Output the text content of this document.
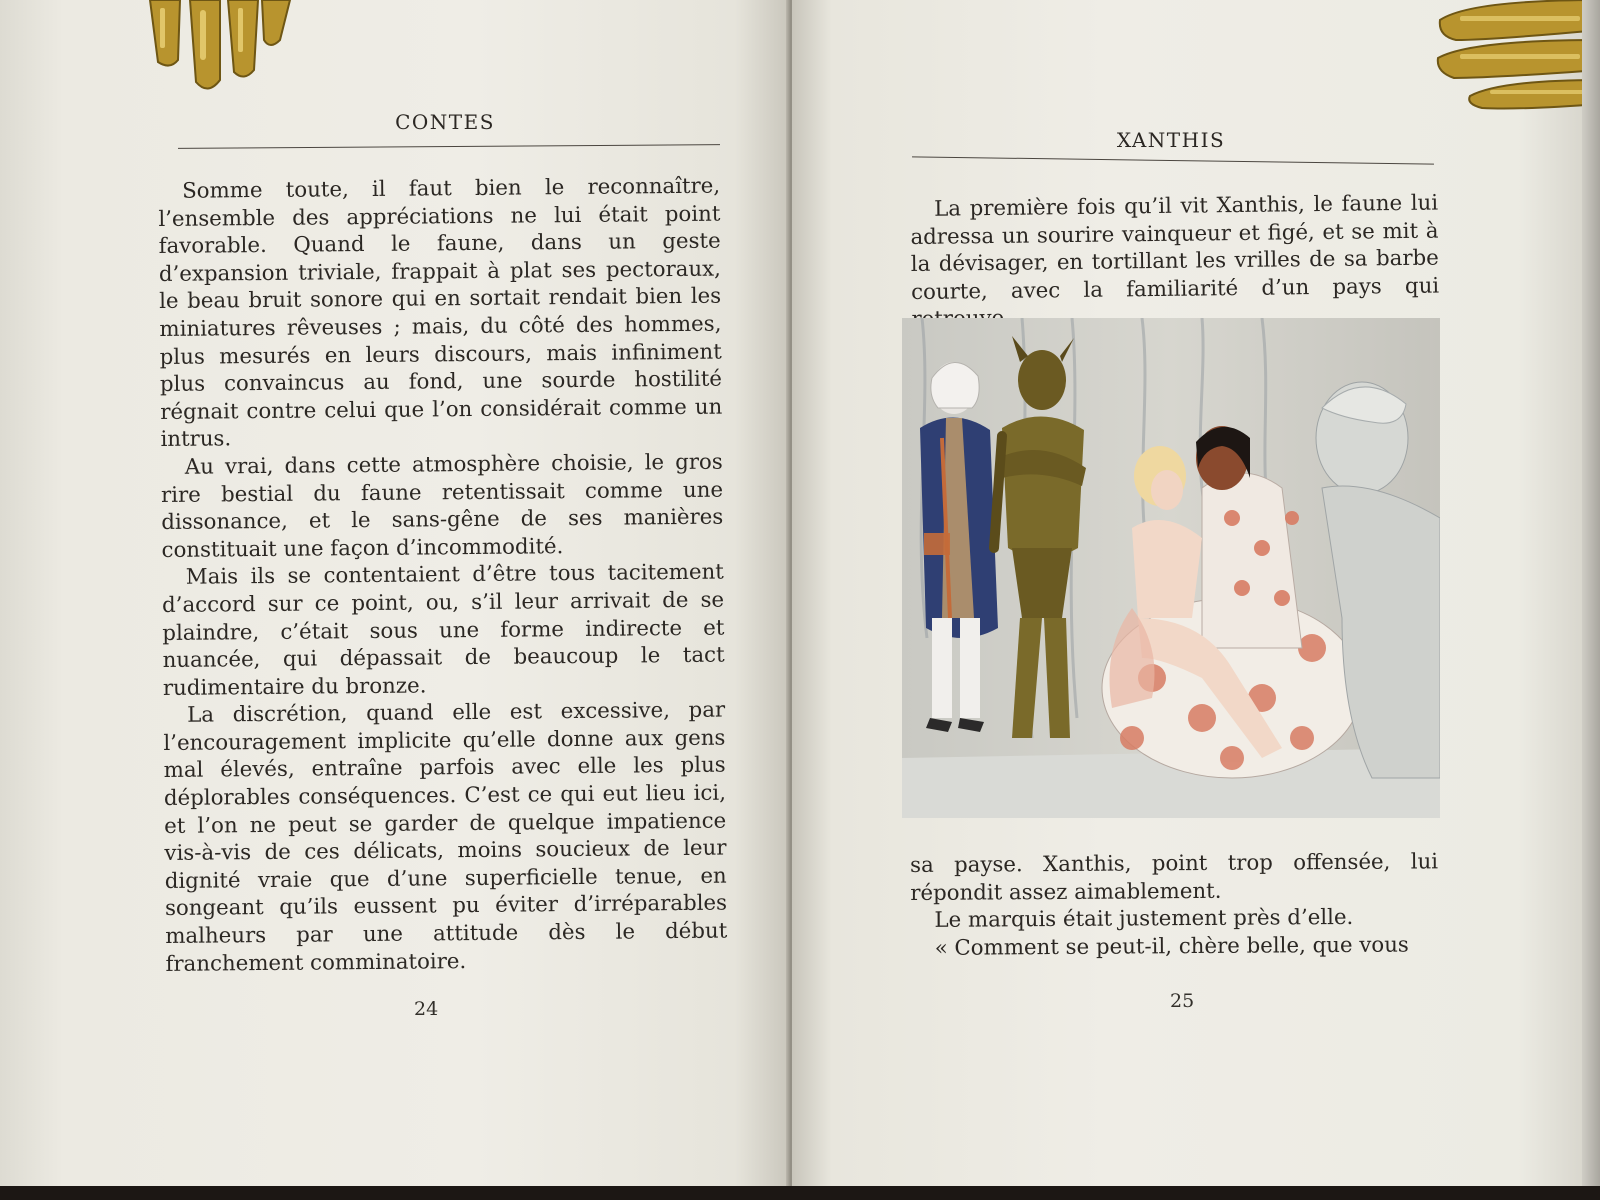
CONTES

Somme toute, il faut bien le reconnaître, l’ensemble des appréciations ne lui était point favorable. Quand le faune, dans un geste d’expansion triviale, frappait à plat ses pectoraux, le beau bruit sonore qui en sortait rendait bien les miniatures rêveuses ; mais, du côté des hommes, plus mesurés en leurs discours, mais infiniment plus convaincus au fond, une sourde hostilité régnait contre celui que l’on considérait comme un intrus.

Au vrai, dans cette atmosphère choisie, le gros rire bestial du faune retentissait comme une dissonance, et le sans-gêne de ses manières constituait une façon d’incommodité.

Mais ils se contentaient d’être tous tacitement d’accord sur ce point, ou, s’il leur arrivait de se plaindre, c’était sous une forme indirecte et nuancée, qui dépassait de beaucoup le tact rudimentaire du bronze.

La discrétion, quand elle est excessive, par l’encouragement implicite qu’elle donne aux gens mal élevés, entraîne parfois avec elle les plus déplorables conséquences. C’est ce qui eut lieu ici, et l’on ne peut se garder de quelque impatience vis-à-vis de ces délicats, moins soucieux de leur dignité vraie que d’une superficielle tenue, en songeant qu’ils eussent pu éviter d’irréparables malheurs par une attitude dès le début franchement comminatoire.

24
XANTHIS

La première fois qu’il vit Xanthis, le faune lui adressa un sourire vainqueur et figé, et se mit à la dévisager, en tortillant les vrilles de sa barbe courte, avec la familiarité d’un pays qui

sa payse. Xanthis, point trop offensée, lui répondit assez aimablement.

Le marquis était justement près d’elle.

« Comment se peut-il, chère belle, que vous

25
